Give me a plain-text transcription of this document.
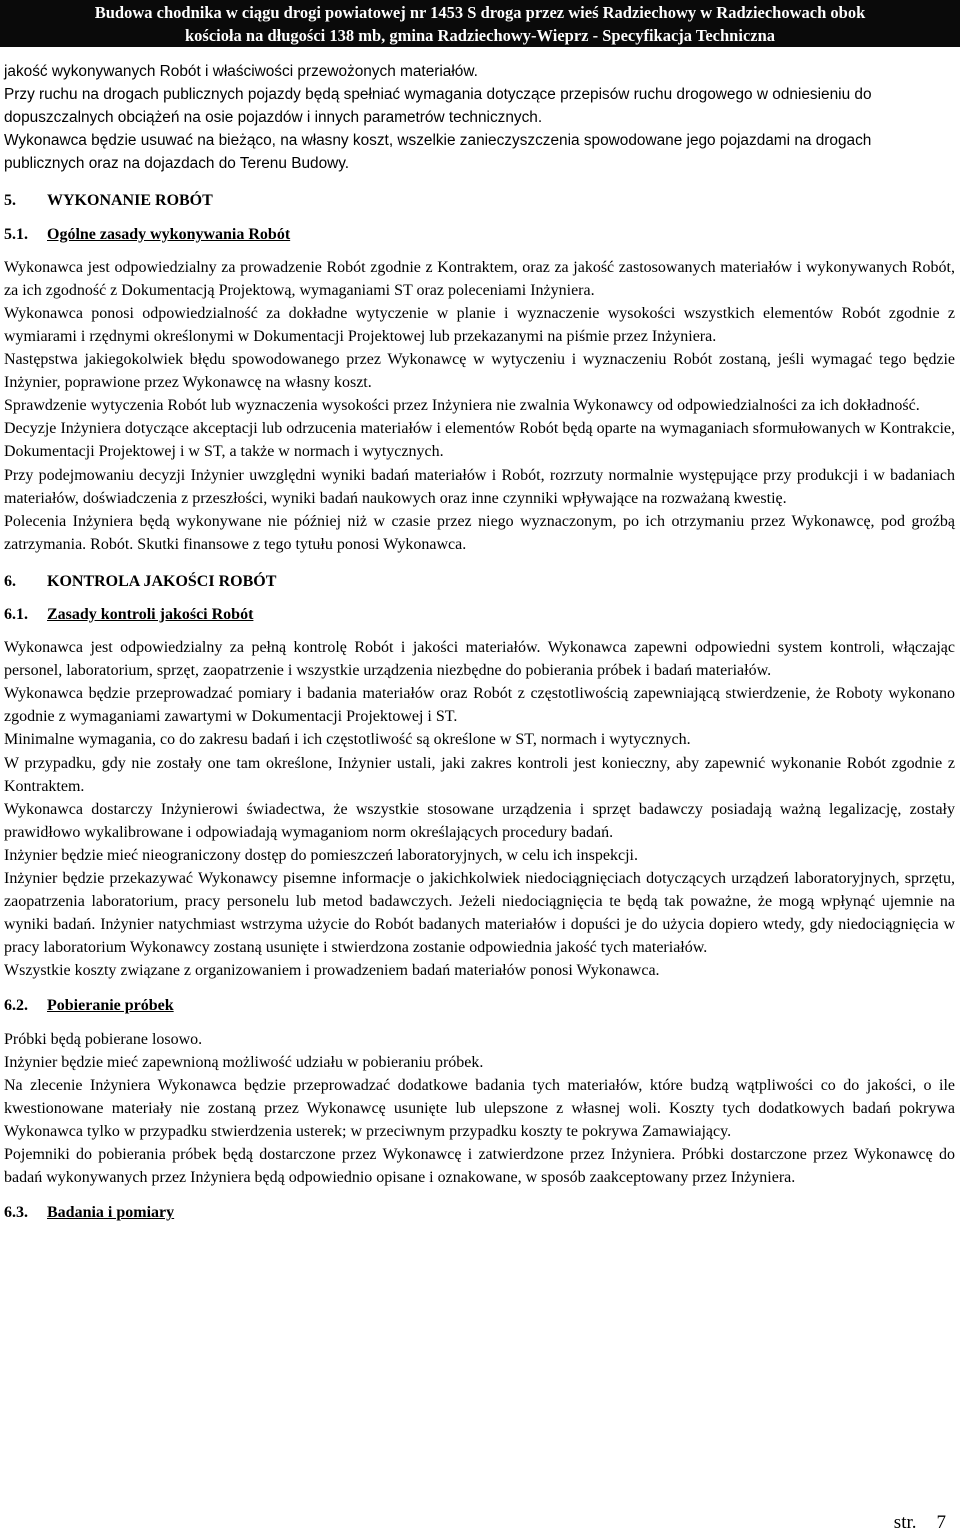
Budowa chodnika w ciągu drogi powiatowej nr 1453 S droga przez wieś Radziechowy w Radziechowach obok
kościoła na długości 138 mb, gmina Radziechowy-Wieprz - Specyfikacja Techniczna

jakość wykonywanych Robót i właściwości przewożonych materiałów.

Przy ruchu na drogach publicznych pojazdy będą spełniać wymagania dotyczące przepisów ruchu drogowego w odniesieniu do dopuszczalnych obciążeń na osie pojazdów i innych parametrów technicznych.

Wykonawca będzie usuwać na bieżąco, na własny koszt, wszelkie zanieczyszczenia spowodowane jego pojazdami na drogach publicznych oraz na dojazdach do Terenu Budowy.

5. WYKONANIE ROBÓT
5.1. Ogólne zasady wykonywania Robót

Wykonawca jest odpowiedzialny za prowadzenie Robót zgodnie z Kontraktem, oraz za jakość zastosowanych materiałów i wykonywanych Robót, za ich zgodność z Dokumentacją Projektową, wymaganiami ST oraz poleceniami Inżyniera.

Wykonawca ponosi odpowiedzialność za dokładne wytyczenie w planie i wyznaczenie wysokości wszystkich elementów Robót zgodnie z wymiarami i rzędnymi określonymi w Dokumentacji Projektowej lub przekazanymi na piśmie przez Inżyniera.

Następstwa jakiegokolwiek błędu spowodowanego przez Wykonawcę w wytyczeniu i wyznaczeniu Robót zostaną, jeśli wymagać tego będzie Inżynier, poprawione przez Wykonawcę na własny koszt.

Sprawdzenie wytyczenia Robót lub wyznaczenia wysokości przez Inżyniera nie zwalnia Wykonawcy od odpowiedzialności za ich dokładność.

Decyzje Inżyniera dotyczące akceptacji lub odrzucenia materiałów i elementów Robót będą oparte na wymaganiach sformułowanych w Kontrakcie, Dokumentacji Projektowej i w ST, a także w normach i wytycznych.

Przy podejmowaniu decyzji Inżynier uwzględni wyniki badań materiałów i Robót, rozrzuty normalnie występujące przy produkcji i w badaniach materiałów, doświadczenia z przeszłości, wyniki badań naukowych oraz inne czynniki wpływające na rozważaną kwestię.

Polecenia Inżyniera będą wykonywane nie później niż w czasie przez niego wyznaczonym, po ich otrzymaniu przez Wykonawcę, pod groźbą zatrzymania. Robót. Skutki finansowe z tego tytułu ponosi Wykonawca.

6. KONTROLA JAKOŚCI ROBÓT
6.1. Zasady kontroli jakości Robót

Wykonawca jest odpowiedzialny za pełną kontrolę Robót i jakości materiałów. Wykonawca zapewni odpowiedni system kontroli, włączając personel, laboratorium, sprzęt, zaopatrzenie i wszystkie urządzenia niezbędne do pobierania próbek i badań materiałów.

Wykonawca będzie przeprowadzać pomiary i badania materiałów oraz Robót z częstotliwością zapewniającą stwierdzenie, że Roboty wykonano zgodnie z wymaganiami zawartymi w Dokumentacji Projektowej i ST.

Minimalne wymagania, co do zakresu badań i ich częstotliwość są określone w ST, normach i wytycznych.

W przypadku, gdy nie zostały one tam określone, Inżynier ustali, jaki zakres kontroli jest konieczny, aby zapewnić wykonanie Robót zgodnie z Kontraktem.

Wykonawca dostarczy Inżynierowi świadectwa, że wszystkie stosowane urządzenia i sprzęt badawczy posiadają ważną legalizację, zostały prawidłowo wykalibrowane i odpowiadają wymaganiom norm określających procedury badań.

Inżynier będzie mieć nieograniczony dostęp do pomieszczeń laboratoryjnych, w celu ich inspekcji.

Inżynier będzie przekazywać Wykonawcy pisemne informacje o jakichkolwiek niedociągnięciach dotyczących urządzeń laboratoryjnych, sprzętu, zaopatrzenia laboratorium, pracy personelu lub metod badawczych. Jeżeli niedociągnięcia te będą tak poważne, że mogą wpłynąć ujemnie na wyniki badań. Inżynier natychmiast wstrzyma użycie do Robót badanych materiałów i dopuści je do użycia dopiero wtedy, gdy niedociągnięcia w pracy laboratorium Wykonawcy zostaną usunięte i stwierdzona zostanie odpowiednia jakość tych materiałów.

Wszystkie koszty związane z organizowaniem i prowadzeniem badań materiałów ponosi Wykonawca.

6.2. Pobieranie próbek

Próbki będą pobierane losowo.

Inżynier będzie mieć zapewnioną możliwość udziału w pobieraniu próbek.

Na zlecenie Inżyniera Wykonawca będzie przeprowadzać dodatkowe badania tych materiałów, które budzą wątpliwości co do jakości, o ile kwestionowane materiały nie zostaną przez Wykonawcę usunięte lub ulepszone z własnej woli. Koszty tych dodatkowych badań pokrywa Wykonawca tylko w przypadku stwierdzenia usterek; w przeciwnym przypadku koszty te pokrywa Zamawiający.

Pojemniki do pobierania próbek będą dostarczone przez Wykonawcę i zatwierdzone przez Inżyniera. Próbki dostarczone przez Wykonawcę do badań wykonywanych przez Inżyniera będą odpowiednio opisane i oznakowane, w sposób zaakceptowany przez Inżyniera.

6.3. Badania i pomiary
str. 7
